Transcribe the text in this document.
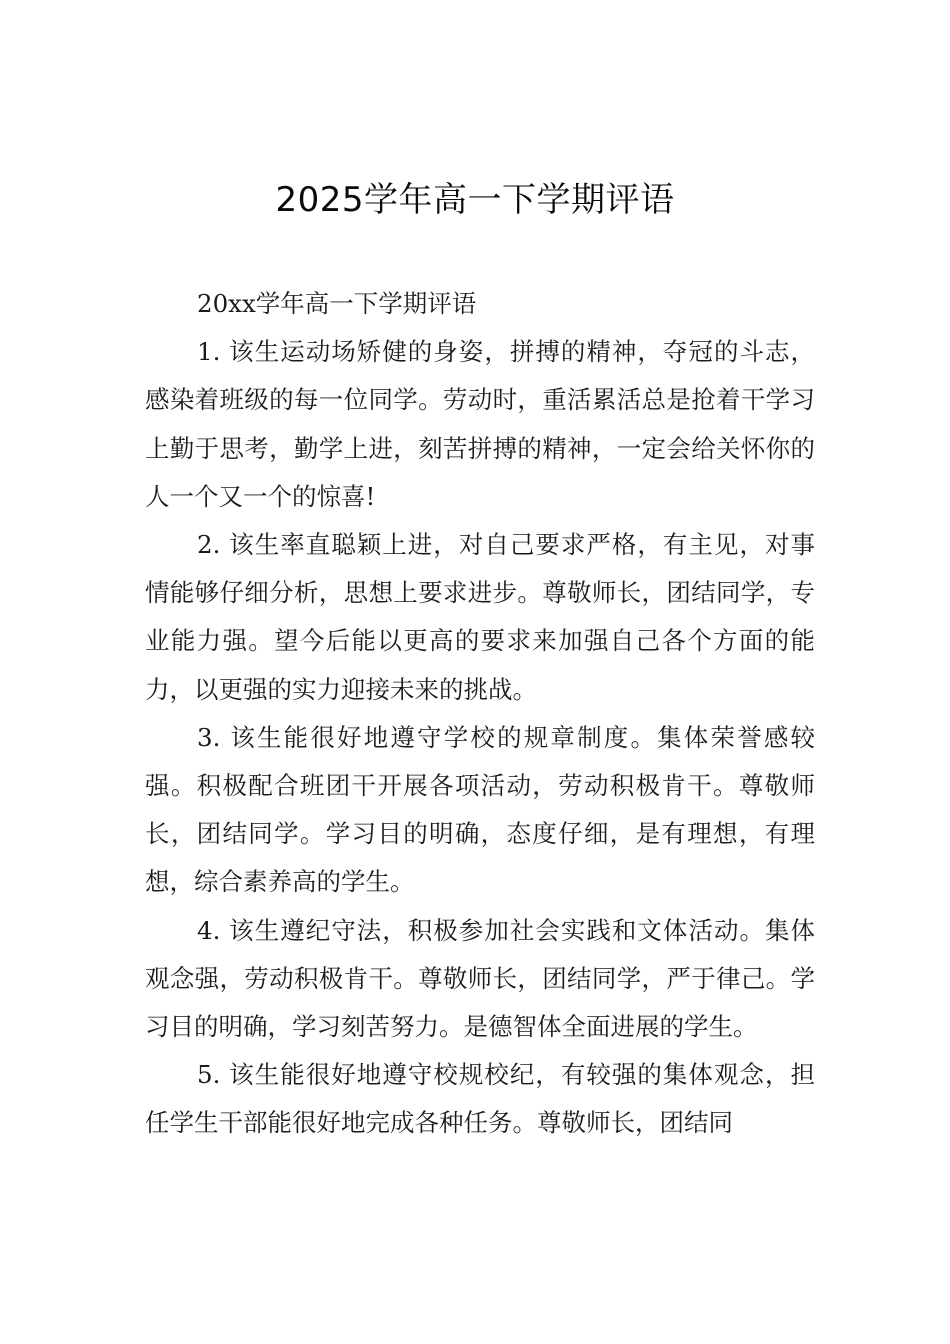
2025学年高一下学期评语

20xx学年高一下学期评语

1. 该生运动场矫健的身姿，拼搏的精神，夺冠的斗志，感染着班级的每一位同学。劳动时，重活累活总是抢着干学习上勤于思考，勤学上进，刻苦拼搏的精神，一定会给关怀你的人一个又一个的惊喜!

2. 该生率直聪颖上进，对自己要求严格，有主见，对事情能够仔细分析，思想上要求进步。尊敬师长，团结同学，专业能力强。望今后能以更高的要求来加强自己各个方面的能力，以更强的实力迎接未来的挑战。

3. 该生能很好地遵守学校的规章制度。集体荣誉感较强。积极配合班团干开展各项活动，劳动积极肯干。尊敬师长，团结同学。学习目的明确，态度仔细，是有理想，有理想，综合素养高的学生。

4. 该生遵纪守法，积极参加社会实践和文体活动。集体观念强，劳动积极肯干。尊敬师长，团结同学，严于律己。学习目的明确，学习刻苦努力。是德智体全面进展的学生。

5. 该生能很好地遵守校规校纪，有较强的集体观念，担任学生干部能很好地完成各种任务。尊敬师长，团结同
